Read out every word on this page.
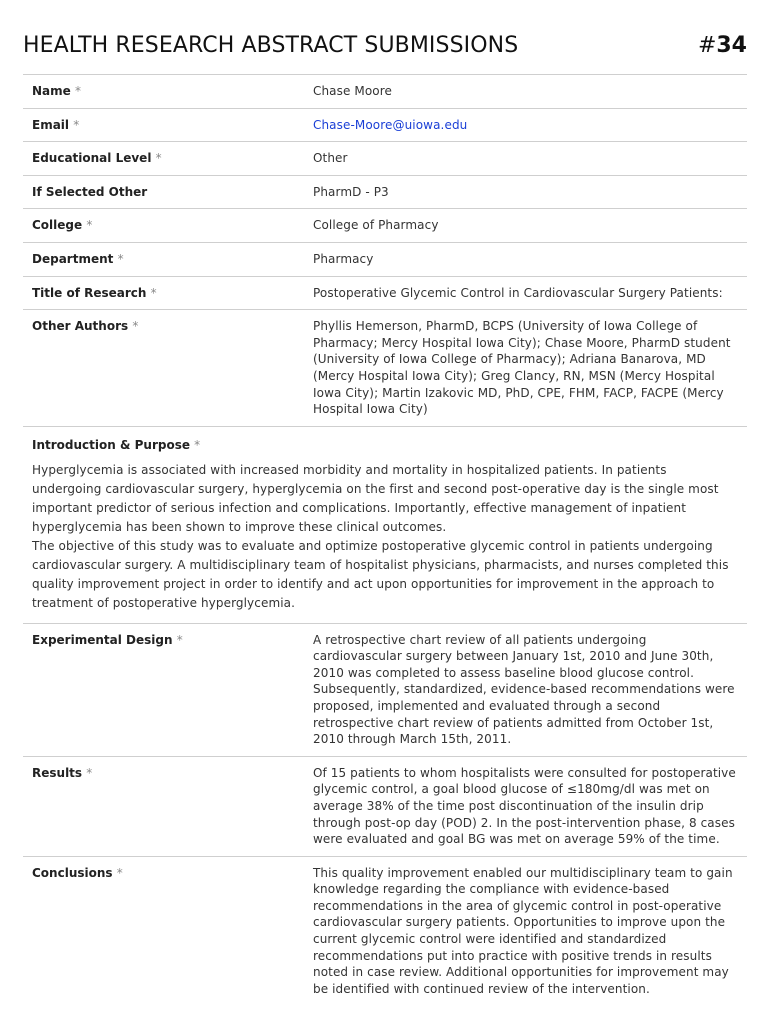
HEALTH RESEARCH ABSTRACT SUBMISSIONS	#34
Name *	Chase Moore
Email *	Chase-Moore@uiowa.edu
Educational Level *	Other
If Selected Other	PharmD - P3
College *	College of Pharmacy
Department *	Pharmacy
Title of Research *	Postoperative Glycemic Control in Cardiovascular Surgery Patients:
Other Authors *	Phyllis Hemerson, PharmD, BCPS (University of Iowa College of Pharmacy; Mercy Hospital Iowa City); Chase Moore, PharmD student (University of Iowa College of Pharmacy); Adriana Banarova, MD (Mercy Hospital Iowa City); Greg Clancy, RN, MSN (Mercy Hospital Iowa City); Martin Izakovic MD, PhD, CPE, FHM, FACP, FACPE (Mercy Hospital Iowa City)
Introduction & Purpose *

Hyperglycemia is associated with increased morbidity and mortality in hospitalized patients. In patients undergoing cardiovascular surgery, hyperglycemia on the first and second post-operative day is the single most important predictor of serious infection and complications. Importantly, effective management of inpatient hyperglycemia has been shown to improve these clinical outcomes.

The objective of this study was to evaluate and optimize postoperative glycemic control in patients undergoing cardiovascular surgery. A multidisciplinary team of hospitalist physicians, pharmacists, and nurses completed this quality improvement project in order to identify and act upon opportunities for improvement in the approach to treatment of postoperative hyperglycemia.

Experimental Design *	A retrospective chart review of all patients undergoing cardiovascular surgery between January 1st, 2010 and June 30th, 2010 was completed to assess baseline blood glucose control. Subsequently, standardized, evidence-based recommendations were proposed, implemented and evaluated through a second retrospective chart review of patients admitted from October 1st, 2010 through March 15th, 2011.
Results *	Of 15 patients to whom hospitalists were consulted for postoperative glycemic control, a goal blood glucose of ≤180mg/dl was met on average 38% of the time post discontinuation of the insulin drip through post-op day (POD) 2. In the post-intervention phase, 8 cases were evaluated and goal BG was met on average 59% of the time.
Conclusions *	This quality improvement enabled our multidisciplinary team to gain knowledge regarding the compliance with evidence-based recommendations in the area of glycemic control in post-operative cardiovascular surgery patients. Opportunities to improve upon the current glycemic control were identified and standardized recommendations put into practice with positive trends in results noted in case review. Additional opportunities for improvement may be identified with continued review of the intervention.
